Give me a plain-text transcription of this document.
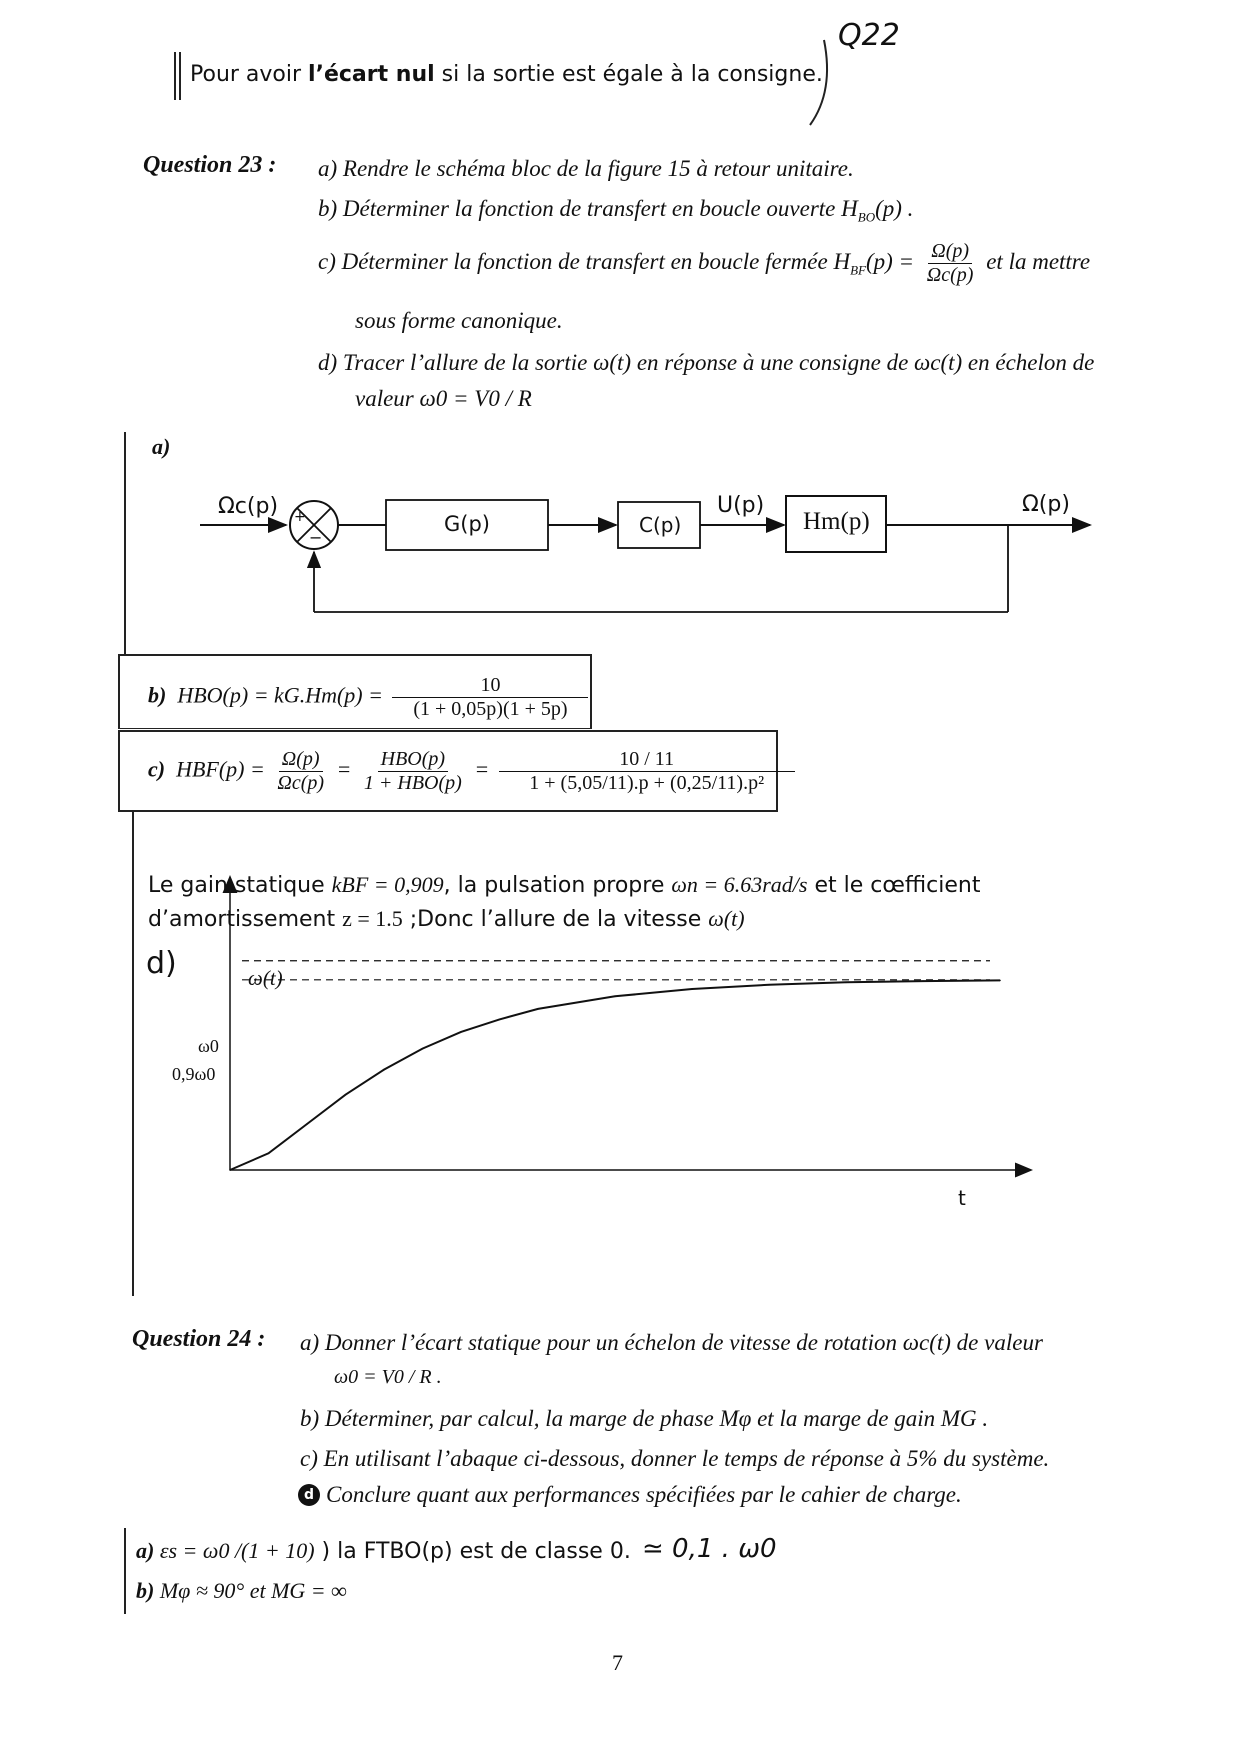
Pour avoir l’écart nul si la sortie est égale à la consigne.
Q22
Question 23 : a) Rendre le schéma bloc de la figure 15 à retour unitaire.
b) Déterminer la fonction de transfert en boucle ouverte $H_{BO}(p)$ .
c) Déterminer la fonction de transfert en boucle fermée $H_{BF}(p) = \frac{\Omega(p)}{\Omega c(p)}$ et la mettre
sous forme canonique.
d) Tracer l’allure de la sortie ω(t) en réponse à une consigne de ωc(t) en échelon de
valeur ω0 = V0 / R
a)
Ωc(p) +
−
G(p)	C(p)
U(p)
Hm(p)
Ω(p)
b) $HBO(p) = kG.Hm(p) = \frac{10}{(1 + 0,05p)(1 + 5p)}$
c) $HBF(p) = \frac{\Omega(p)}{\Omega c(p)} = \frac{\text{HBO(p)}}{\text{1 + HBO(p)}} = \frac{10 / 11}{\text{1 + (5,05/11).p + (0,25/11).p²}}$
Le gain statique kBF = 0,909, la pulsation propre ωn = 6.63rad/s et le cœfficient
d’amortissement z = 1.5 ;Donc l’allure de la vitesse ω(t)
d)	ω(t)
t
ω0
0,9ω0
Question 24 : a) Donner l’écart statique pour un échelon de vitesse de rotation ωc(t) de valeur
ω0 = V0 / R .
b) Déterminer, par calcul, la marge de phase Mφ et la marge de gain MG .
c) En utilisant l’abaque ci-dessous, donner le temps de réponse à 5% du système.
d Conclure quant aux performances spécifiées par le cahier de charge.
a) εs = ω0 /(1 + 10) ) la FTBO(p) est de classe 0. ≃ 0,1 . ω0
b) Mφ ≈ 90° et MG = ∞
7
